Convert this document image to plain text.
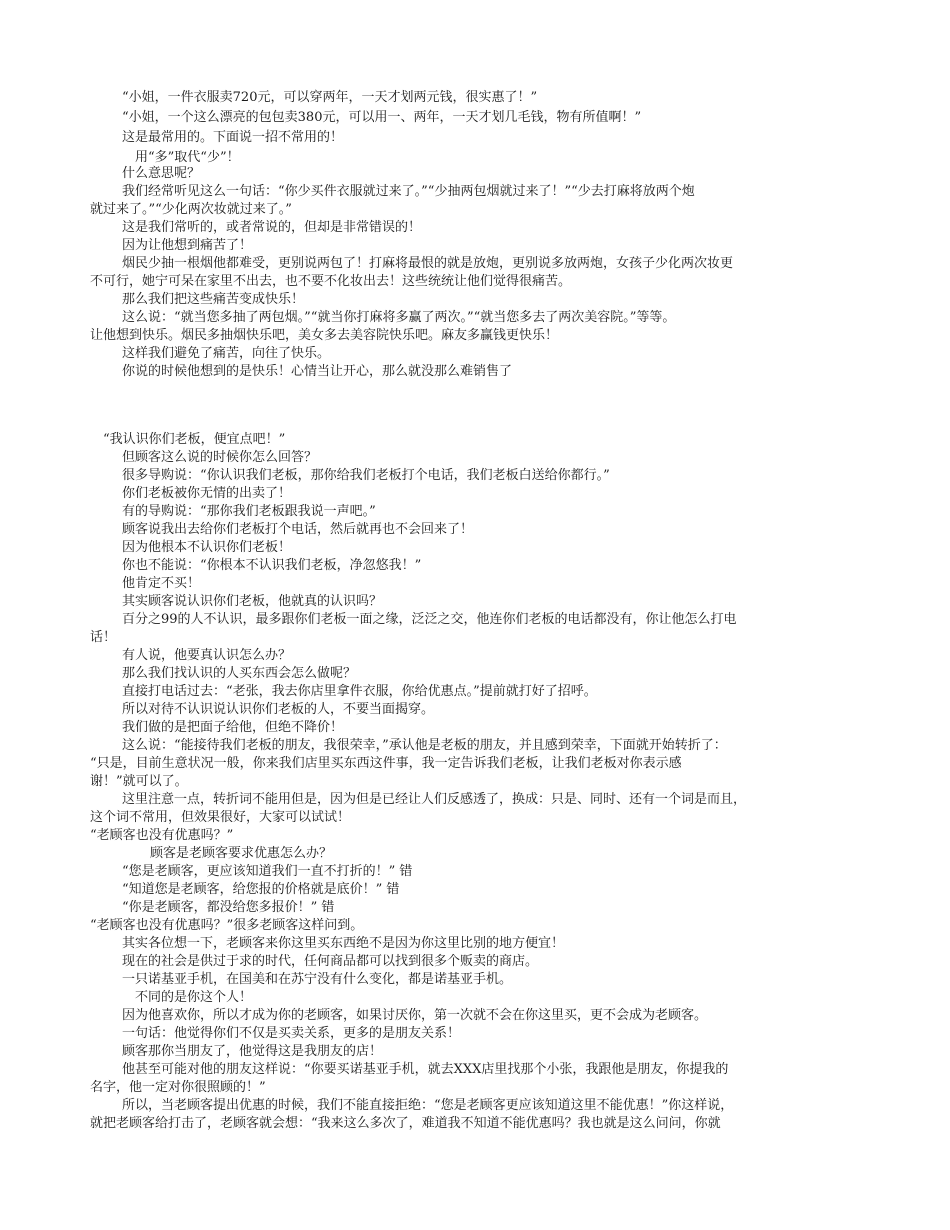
“小姐，一件衣服卖720元，可以穿两年，一天才划两元钱，很实惠了！”
“小姐，一个这么漂亮的包包卖380元，可以用一、两年，一天才划几毛钱，物有所值啊！”
这是最常用的。下面说一招不常用的！
用“多”取代“少”！
什么意思呢？
我们经常听见这么一句话：“你少买件衣服就过来了。”“少抽两包烟就过来了！”“少去打麻将放两个炮
就过来了。”“少化两次妆就过来了。”
这是我们常听的，或者常说的，但却是非常错误的！
因为让他想到痛苦了！
烟民少抽一根烟他都难受，更别说两包了！打麻将最恨的就是放炮，更别说多放两炮，女孩子少化两次妆更
不可行，她宁可呆在家里不出去，也不要不化妆出去！这些统统让他们觉得很痛苦。
那么我们把这些痛苦变成快乐！
这么说：“就当您多抽了两包烟。”“就当你打麻将多赢了两次。”“就当您多去了两次美容院。”等等。
让他想到快乐。烟民多抽烟快乐吧，美女多去美容院快乐吧。麻友多赢钱更快乐！
这样我们避免了痛苦，向往了快乐。
你说的时候他想到的是快乐！心情当让开心，那么就没那么难销售了
“我认识你们老板，便宜点吧！”
但顾客这么说的时候你怎么回答？
很多导购说：“你认识我们老板，那你给我们老板打个电话，我们老板白送给你都行。”
你们老板被你无情的出卖了！
有的导购说：“那你我们老板跟我说一声吧。”
顾客说我出去给你们老板打个电话，然后就再也不会回来了！
因为他根本不认识你们老板！
你也不能说：“你根本不认识我们老板，净忽悠我！”
他肯定不买！
其实顾客说认识你们老板，他就真的认识吗？
百分之99的人不认识，最多跟你们老板一面之缘，泛泛之交，他连你们老板的电话都没有，你让他怎么打电
话！
有人说，他要真认识怎么办？
那么我们找认识的人买东西会怎么做呢？
直接打电话过去：“老张，我去你店里拿件衣服，你给优惠点。”提前就打好了招呼。
所以对待不认识说认识你们老板的人，不要当面揭穿。
我们做的是把面子给他，但绝不降价！
这么说：“能接待我们老板的朋友，我很荣幸，”承认他是老板的朋友，并且感到荣幸，下面就开始转折了：
“只是，目前生意状况一般，你来我们店里买东西这件事，我一定告诉我们老板，让我们老板对你表示感
谢！”就可以了。
这里注意一点，转折词不能用但是，因为但是已经让人们反感透了，换成：只是、同时、还有一个词是而且，
这个词不常用，但效果很好，大家可以试试！
“老顾客也没有优惠吗？”
顾客是老顾客要求优惠怎么办？
“您是老顾客，更应该知道我们一直不打折的！” 错
“知道您是老顾客，给您报的价格就是底价！” 错
“你是老顾客，都没给您多报价！” 错
“老顾客也没有优惠吗？”很多老顾客这样问到。
其实各位想一下，老顾客来你这里买东西绝不是因为你这里比别的地方便宜！
现在的社会是供过于求的时代，任何商品都可以找到很多个贩卖的商店。
一只诺基亚手机，在国美和在苏宁没有什么变化，都是诺基亚手机。
不同的是你这个人！
因为他喜欢你，所以才成为你的老顾客，如果讨厌你，第一次就不会在你这里买，更不会成为老顾客。
一句话：他觉得你们不仅是买卖关系，更多的是朋友关系！
顾客那你当朋友了，他觉得这是我朋友的店！
他甚至可能对他的朋友这样说：“你要买诺基亚手机，就去XXX店里找那个小张，我跟他是朋友，你提我的
名字，他一定对你很照顾的！”
所以，当老顾客提出优惠的时候，我们不能直接拒绝：“您是老顾客更应该知道这里不能优惠！”你这样说，
就把老顾客给打击了，老顾客就会想：“我来这么多次了，难道我不知道不能优惠吗？我也就是这么问问，你就
